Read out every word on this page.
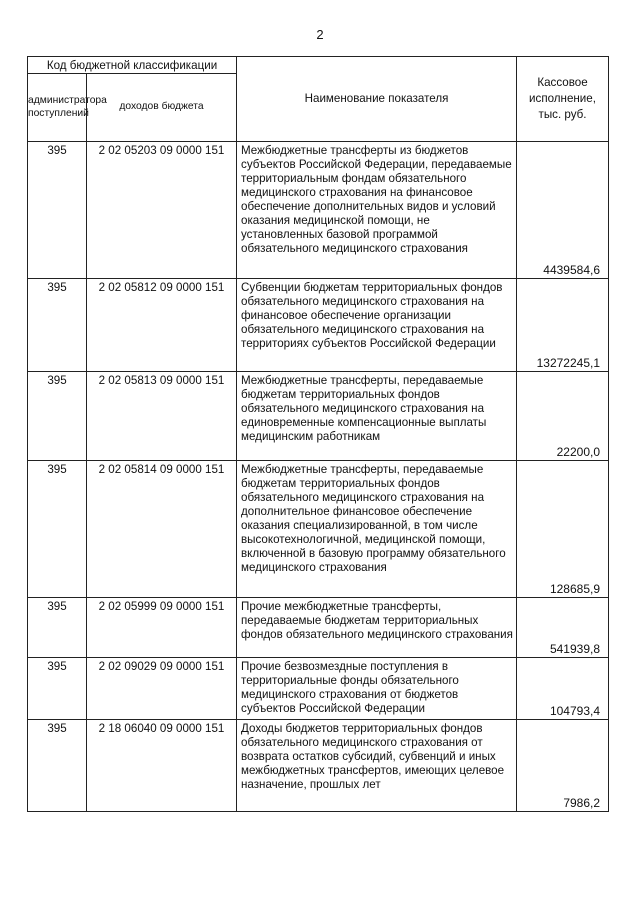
2
Код бюджетной классификации		Наименование показателя	Кассовое исполнение, тыс. руб.
администратора поступлений	доходов бюджета		
395	2 02 05203 09 0000 151	Межбюджетные трансферты из бюджетов субъектов Российской Федерации, передаваемые территориальным фондам обязательного медицинского страхования на финансовое обеспечение дополнительных видов и условий оказания медицинской помощи, не установленных базовой программой обязательного медицинского страхования	4439584,6
395	2 02 05812 09 0000 151	Субвенции бюджетам территориальных фондов обязательного медицинского страхования на финансовое обеспечение организации обязательного медицинского страхования на территориях субъектов Российской Федерации	13272245,1
395	2 02 05813 09 0000 151	Межбюджетные трансферты, передаваемые бюджетам территориальных фондов обязательного медицинского страхования на единовременные компенсационные выплаты медицинским работникам	22200,0
395	2 02 05814 09 0000 151	Межбюджетные трансферты, передаваемые бюджетам территориальных фондов обязательного медицинского страхования на дополнительное финансовое обеспечение оказания специализированной, в том числе высокотехнологичной, медицинской помощи, включенной в базовую программу обязательного медицинского страхования	128685,9
395	2 02 05999 09 0000 151	Прочие межбюджетные трансферты, передаваемые бюджетам территориальных фондов обязательного медицинского страхования	541939,8
395	2 02 09029 09 0000 151	Прочие безвозмездные поступления в территориальные фонды обязательного медицинского страхования от бюджетов субъектов Российской Федерации	104793,4
395	2 18 06040 09 0000 151	Доходы бюджетов территориальных фондов обязательного медицинского страхования от возврата остатков субсидий, субвенций и иных межбюджетных трансфертов, имеющих целевое назначение, прошлых лет	7986,2
